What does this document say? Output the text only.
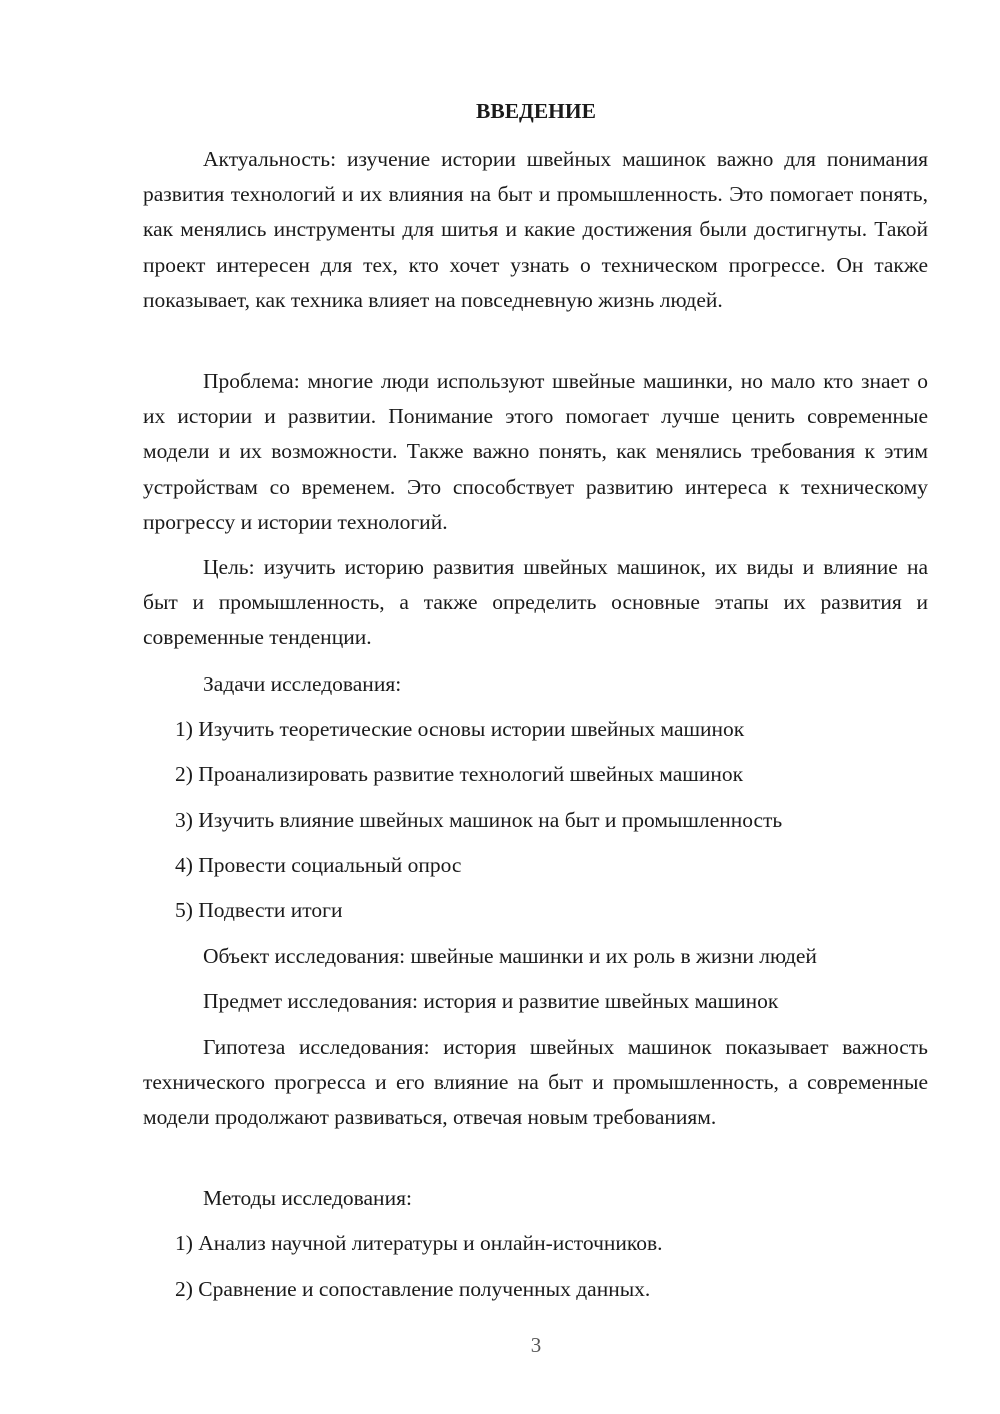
ВВЕДЕНИЕ

Актуальность: изучение истории швейных машинок важно для понимания развития технологий и их влияния на быт и промышленность. Это помогает понять, как менялись инструменты для шитья и какие достижения были достигнуты. Такой проект интересен для тех, кто хочет узнать о техническом прогрессе. Он также показывает, как техника влияет на повседневную жизнь людей.

Проблема: многие люди используют швейные машинки, но мало кто знает о их истории и развитии. Понимание этого помогает лучше ценить современные модели и их возможности. Также важно понять, как менялись требования к этим устройствам со временем. Это способствует развитию интереса к техническому прогрессу и истории технологий.

Цель: изучить историю развития швейных машинок, их виды и влияние на быт и промышленность, а также определить основные этапы их развития и современные тенденции.

Задачи исследования:
1) Изучить теоретические основы истории швейных машинок
2) Проанализировать развитие технологий швейных машинок
3) Изучить влияние швейных машинок на быт и промышленность
4) Провести социальный опрос
5) Подвести итоги
Объект исследования: швейные машинки и их роль в жизни людей
Предмет исследования: история и развитие швейных машинок

Гипотеза исследования: история швейных машинок показывает важность технического прогресса и его влияние на быт и промышленность, а современные модели продолжают развиваться, отвечая новым требованиям.

Методы исследования:
1) Анализ научной литературы и онлайн-источников.
2) Сравнение и сопоставление полученных данных.
3
